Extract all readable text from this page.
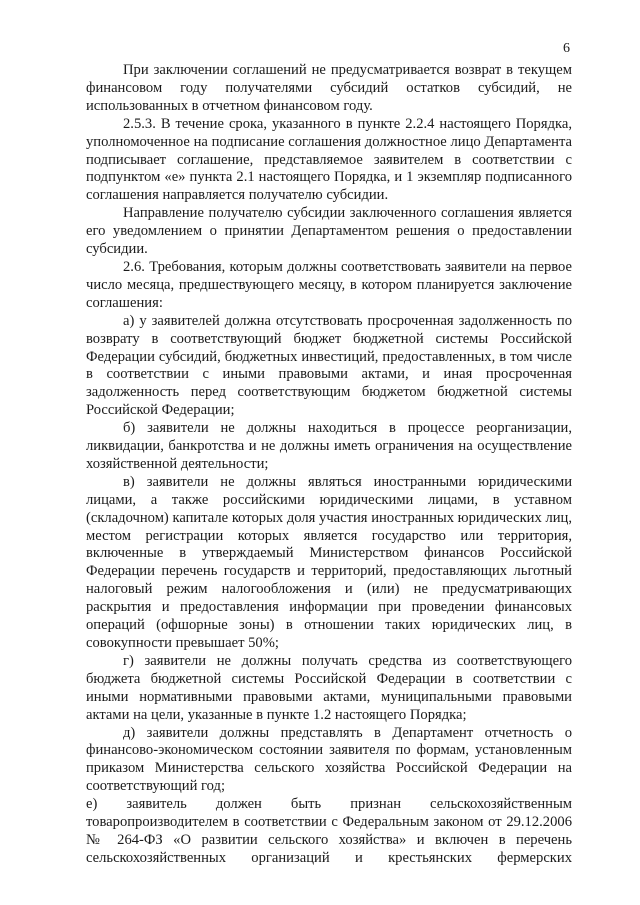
6

При заключении соглашений не предусматривается возврат в текущем финансовом году получателями субсидий остатков субсидий, не использованных в отчетном финансовом году.

2.5.3. В течение срока, указанного в пункте 2.2.4 настоящего Порядка, уполномоченное на подписание соглашения должностное лицо Департамента подписывает соглашение, представляемое заявителем в соответствии с подпунктом «е» пункта 2.1 настоящего Порядка, и 1 экземпляр подписанного соглашения направляется получателю субсидии.

Направление получателю субсидии заключенного соглашения является его уведомлением о принятии Департаментом решения о предоставлении субсидии.

2.6. Требования, которым должны соответствовать заявители на первое число месяца, предшествующего месяцу, в котором планируется заключение соглашения:

а) у заявителей должна отсутствовать просроченная задолженность по возврату в соответствующий бюджет бюджетной системы Российской Федерации субсидий, бюджетных инвестиций, предоставленных, в том числе в соответствии с иными правовыми актами, и иная просроченная задолженность перед соответствующим бюджетом бюджетной системы Российской Федерации;

б) заявители не должны находиться в процессе реорганизации, ликвидации, банкротства и не должны иметь ограничения на осуществление хозяйственной деятельности;

в) заявители не должны являться иностранными юридическими лицами, а также российскими юридическими лицами, в уставном (складочном) капитале которых доля участия иностранных юридических лиц, местом регистрации которых является государство или территория, включенные в утверждаемый Министерством финансов Российской Федерации перечень государств и территорий, предоставляющих льготный налоговый режим налогообложения и (или) не предусматривающих раскрытия и предоставления информации при проведении финансовых операций (офшорные зоны) в отношении таких юридических лиц, в совокупности превышает 50%;

г) заявители не должны получать средства из соответствующего бюджета бюджетной системы Российской Федерации в соответствии с иными нормативными правовыми актами, муниципальными правовыми актами на цели, указанные в пункте 1.2 настоящего Порядка;

д) заявители должны представлять в Департамент отчетность о финансово-экономическом состоянии заявителя по формам, установленным приказом Министерства сельского хозяйства Российской Федерации на соответствующий год;

е) заявитель должен быть признан сельскохозяйственным товаропроизводителем в соответствии с Федеральным законом от 29.12.2006 № 264-ФЗ «О развитии сельского хозяйства» и включен в перечень сельскохозяйственных организаций и крестьянских фермерских
